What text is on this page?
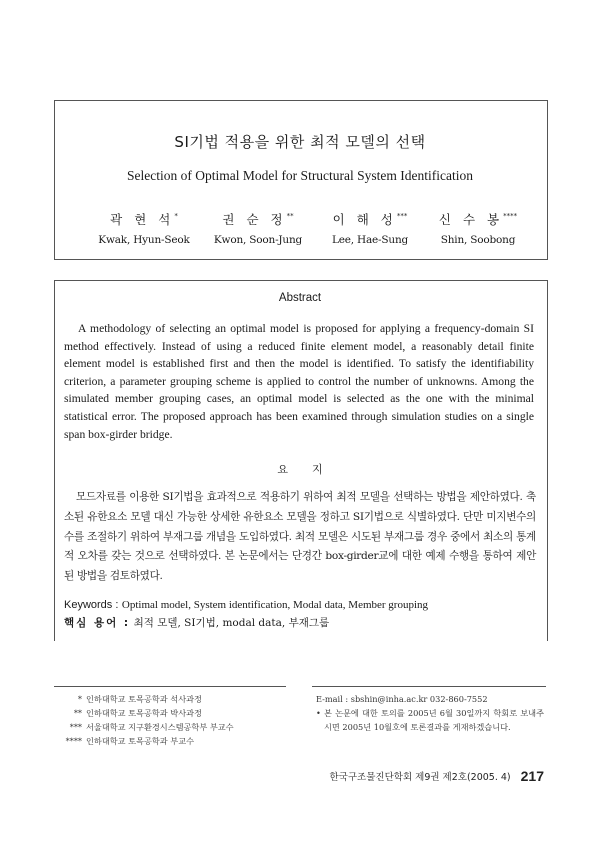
SI기법 적용을 위한 최적 모델의 선택
Selection of Optimal Model for Structural System Identification
곽 현 석*
Kwak, Hyun-Seok
권 순 정**
Kwon, Soon-Jung
이 해 성***
Lee, Hae-Sung
신 수 봉****
Shin, Soobong
Abstract
A methodology of selecting an optimal model is proposed for applying a frequency-domain SI method effectively. Instead of using a reduced finite element model, a reasonably detail finite element model is established first and then the model is identified. To satisfy the identifiability criterion, a parameter grouping scheme is applied to control the number of unknowns. Among the simulated member grouping cases, an optimal model is selected as the one with the minimal statistical error. The proposed approach has been examined through simulation studies on a single span box-girder bridge.
요지
모드자료를 이용한 SI기법을 효과적으로 적용하기 위하여 최적 모델을 선택하는 방법을 제안하였다. 축소된 유한요소 모델 대신 가능한 상세한 유한요소 모델을 정하고 SI기법으로 식별하였다. 단만 미지변수의 수를 조절하기 위하여 부재그룹 개념을 도입하였다. 최적 모델은 시도된 부재그룹 경우 중에서 최소의 통계적 오차를 갖는 것으로 선택하였다. 본 논문에서는 단경간 box-girder교에 대한 예제 수행을 통하여 제안된 방법을 검토하였다.
Keywords : Optimal model, System identification, Modal data, Member grouping
핵심 용어 : 최적 모델, SI기법, modal data, 부재그룹
* 인하대학교 토목공학과 석사과정
** 인하대학교 토목공학과 박사과정
*** 서울대학교 지구환경시스템공학부 부교수
**** 인하대학교 토목공학과 부교수
E-mail : sbshin@inha.ac.kr 032-860-7552
• 본 논문에 대한 토의를 2005년 6월 30일까지 학회로 보내주시면 2005년 10월호에 토론결과를 게재하겠습니다.
한국구조물진단학회 제9권 제2호(2005. 4) 217
